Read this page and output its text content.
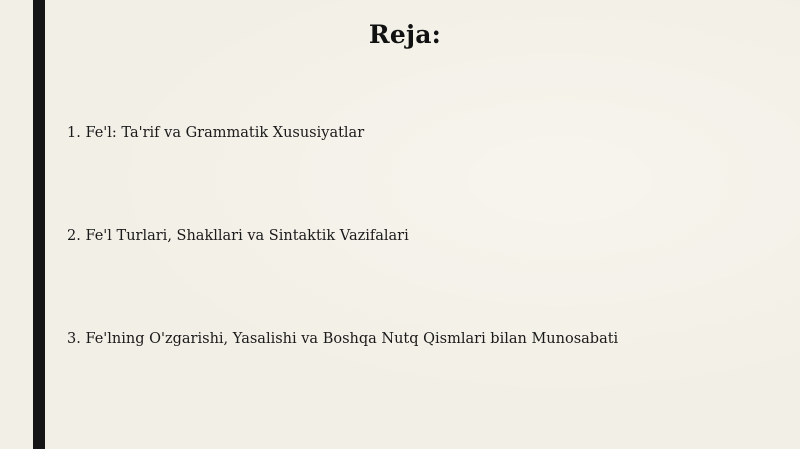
Reja:
1. Fe'l: Ta'rif va Grammatik Xususiyatlar
2. Fe'l Turlari, Shakllari va Sintaktik Vazifalari
3. Fe'lning O'zgarishi, Yasalishi va Boshqa Nutq Qismlari bilan Munosabati
